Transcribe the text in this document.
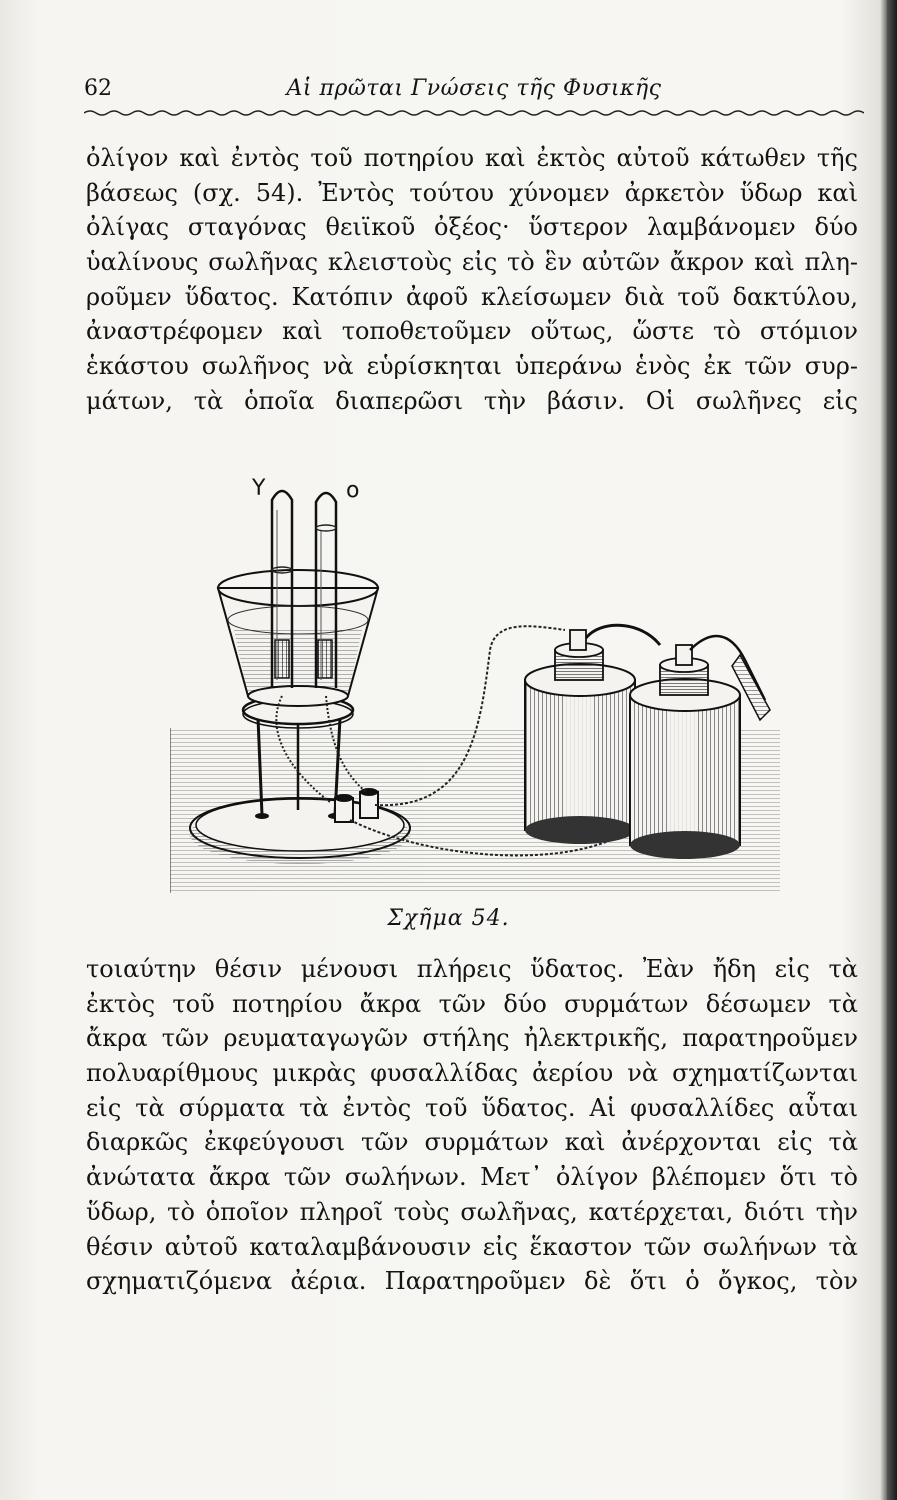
62	Αἱ πρῶται Γνώσεις τῆς Φυσικῆς
ὀλίγον καὶ ἐντὸς τοῦ ποτηρίου καὶ ἐκτὸς αὐτοῦ κάτωθεν τῆς
βάσεως (σχ. 54). Ἐντὸς τούτου χύνομεν ἀρκετὸν ὕδωρ καὶ
ὀλίγας σταγόνας θειϊκοῦ ὀξέος· ὕστερον λαμβάνομεν δύο
ὑαλίνους σωλῆνας κλειστοὺς εἰς τὸ ἓν αὐτῶν ἄκρον καὶ πλη-
ροῦμεν ὕδατος. Κατόπιν ἀφοῦ κλείσωμεν διὰ τοῦ δακτύλου,
ἀναστρέφομεν καὶ τοποθετοῦμεν οὕτως, ὥστε τὸ στόμιον
ἑκάστου σωλῆνος νὰ εὑρίσκηται ὑπεράνω ἑνὸς ἐκ τῶν συρ-
μάτων, τὰ ὁποῖα διαπερῶσι τὴν βάσιν. Οἱ σωλῆνες εἰς
Υ	ο
Σχῆμα 54.
τοιαύτην θέσιν μένουσι πλήρεις ὕδατος. Ἐὰν ἤδη εἰς τὰ
ἐκτὸς τοῦ ποτηρίου ἄκρα τῶν δύο συρμάτων δέσωμεν τὰ
ἄκρα τῶν ρευματαγωγῶν στήλης ἠλεκτρικῆς, παρατηροῦμεν
πολυαρίθμους μικρὰς φυσαλλίδας ἀερίου νὰ σχηματίζωνται
εἰς τὰ σύρματα τὰ ἐντὸς τοῦ ὕδατος. Αἱ φυσαλλίδες αὗται
διαρκῶς ἐκφεύγουσι τῶν συρμάτων καὶ ἀνέρχονται εἰς τὰ
ἀνώτατα ἄκρα τῶν σωλήνων. Μετ᾽ ὀλίγον βλέπομεν ὅτι τὸ
ὕδωρ, τὸ ὁποῖον πληροῖ τοὺς σωλῆνας, κατέρχεται, διότι τὴν
θέσιν αὐτοῦ καταλαμβάνουσιν εἰς ἕκαστον τῶν σωλήνων τὰ
σχηματιζόμενα ἀέρια. Παρατηροῦμεν δὲ ὅτι ὁ ὄγκος, τὸν
